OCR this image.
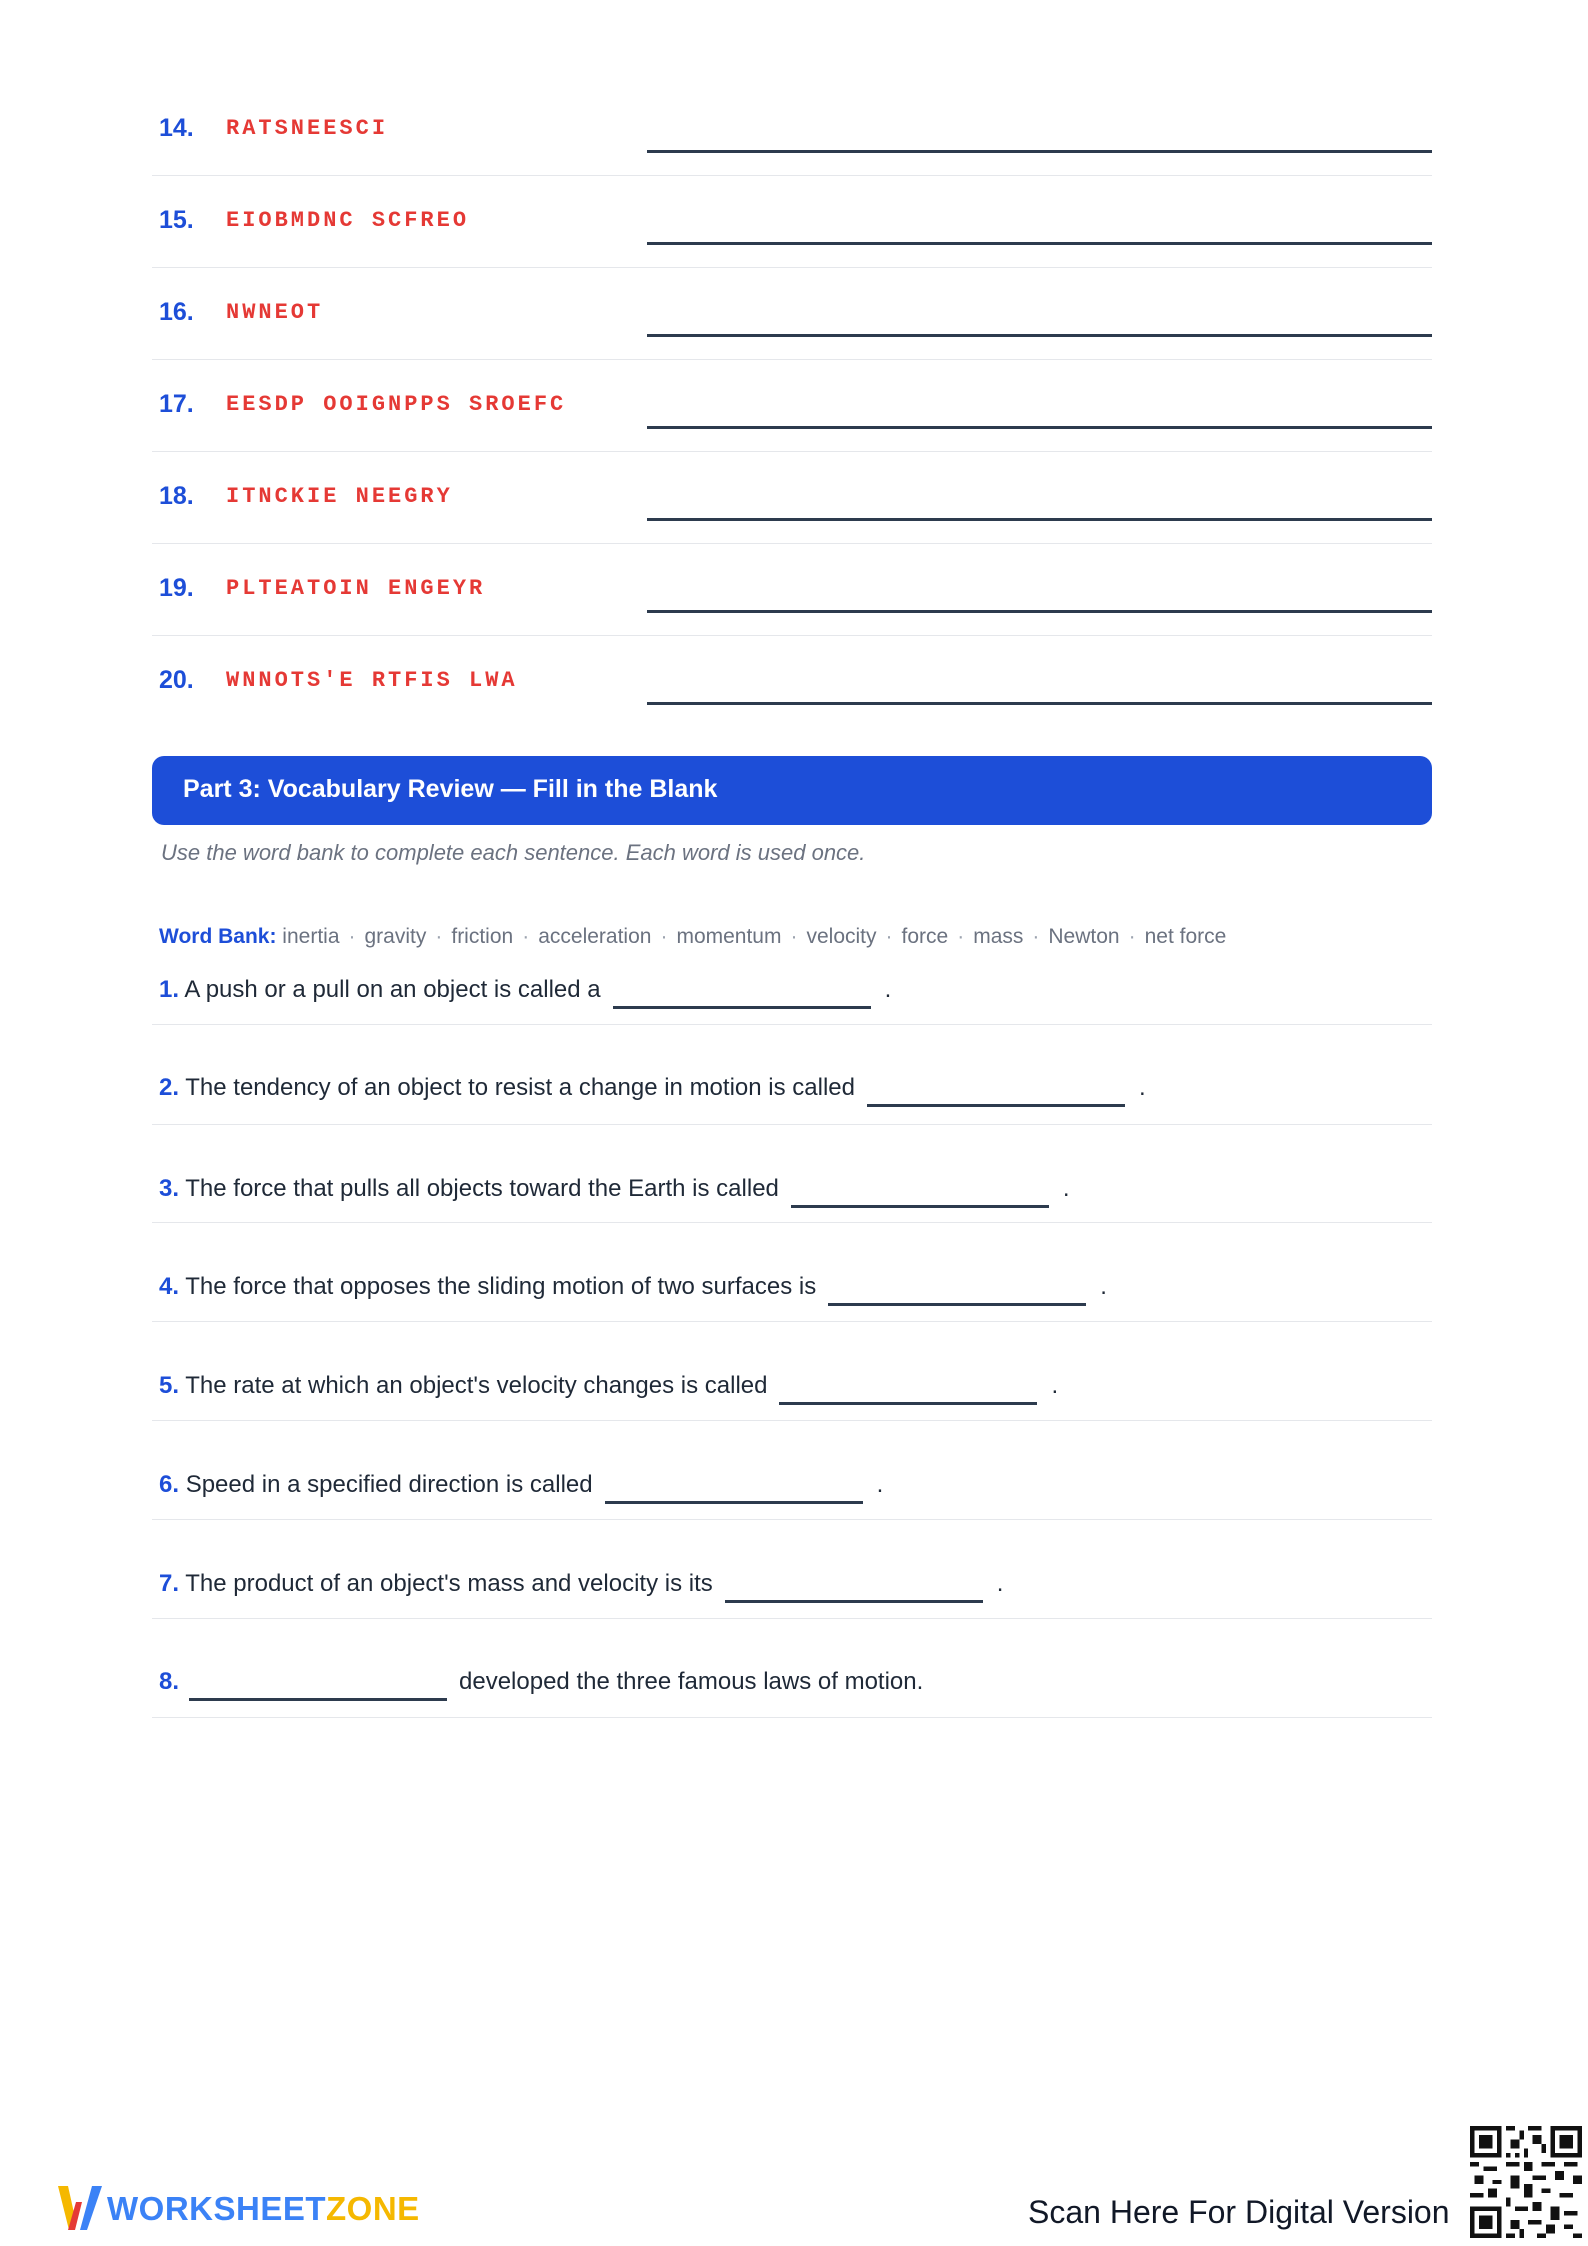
14. RATSNEESCI
15. EIOBMDNC SCFREO
16. NWNEOT
17. EESDP OOIGNPPS SROEFC
18. ITNCKIE NEEGRY
19. PLTEATOIN ENGEYR
20. WNNOTS'E RTFIS LWA
Part 3: Vocabulary Review — Fill in the Blank
Use the word bank to complete each sentence. Each word is used once.
Word Bank: inertia · gravity · friction · acceleration · momentum · velocity · force · mass · Newton · net force
1. A push or a pull on an object is called a	.
2. The tendency of an object to resist a change in motion is called	.
3. The force that pulls all objects toward the Earth is called	.
4. The force that opposes the sliding motion of two surfaces is	.
5. The rate at which an object's velocity changes is called	.
6. Speed in a specified direction is called	.
7. The product of an object's mass and velocity is its	.
8.	developed the three famous laws of motion.
WORKSHEETZONE	Scan Here For Digital Version
